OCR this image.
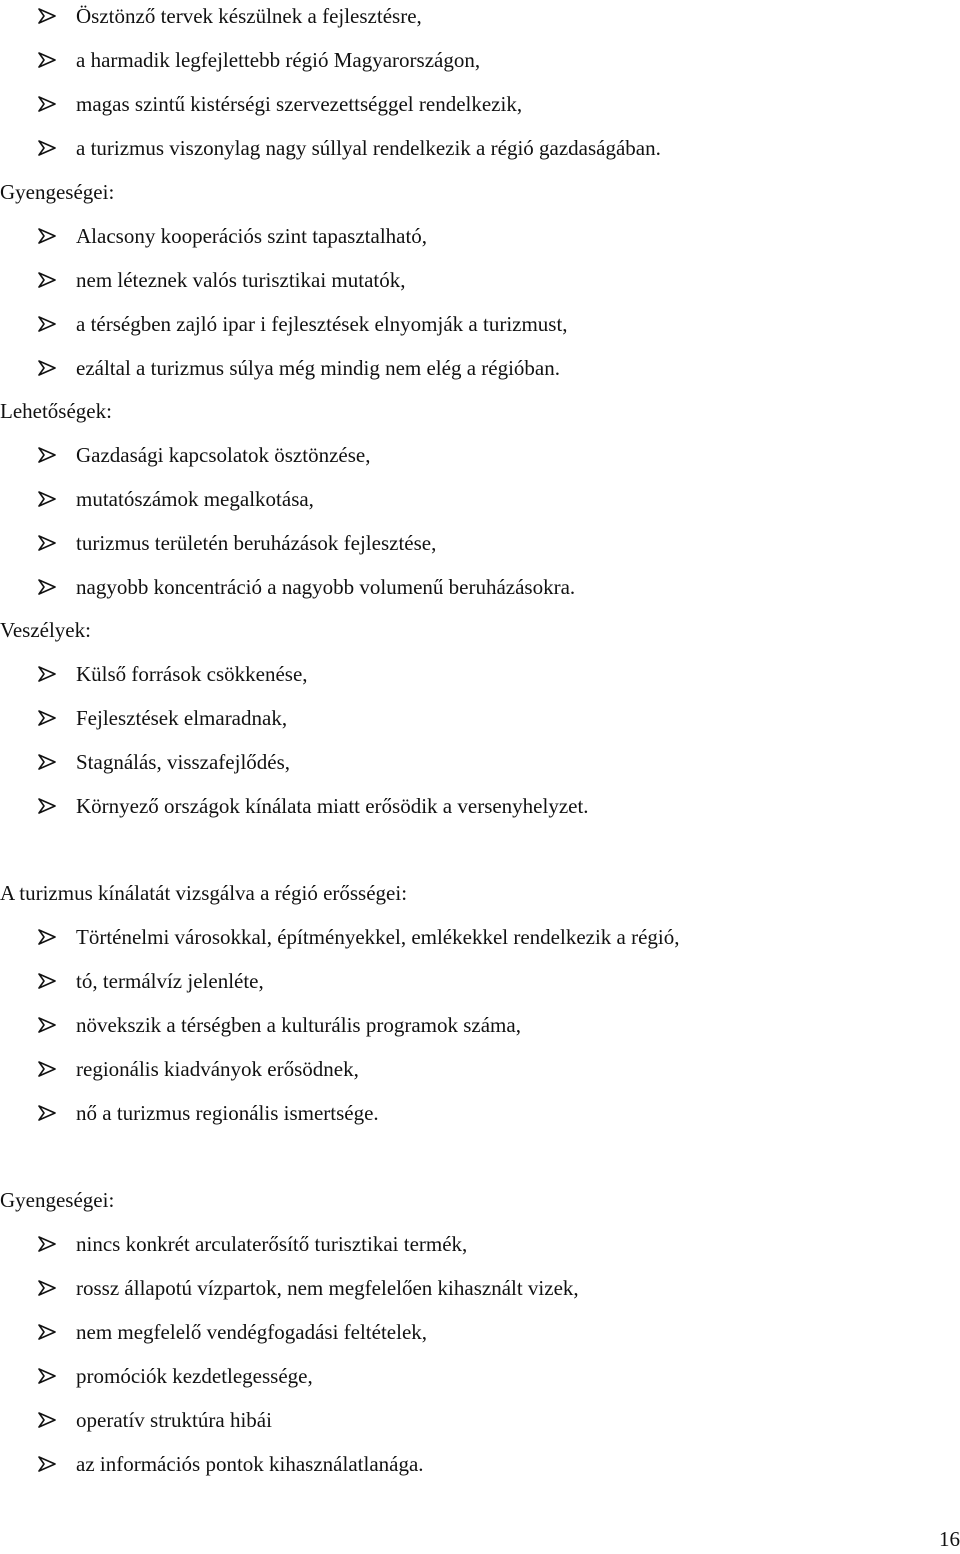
16
Ösztönző tervek készülnek a fejlesztésre,
a harmadik legfejlettebb régió Magyarországon,
magas szintű kistérségi szervezettséggel rendelkezik,
a turizmus viszonylag nagy súllyal rendelkezik a régió gazdaságában.
Gyengeségei:
Alacsony kooperációs szint tapasztalható,
nem léteznek valós turisztikai mutatók,
a térségben zajló ipar i fejlesztések elnyomják a turizmust,
ezáltal a turizmus súlya még mindig nem elég a régióban.
Lehetőségek:
Gazdasági kapcsolatok ösztönzése,
mutatószámok megalkotása,
turizmus területén beruházások fejlesztése,
nagyobb koncentráció a nagyobb volumenű beruházásokra.
Veszélyek:
Külső források csökkenése,
Fejlesztések elmaradnak,
Stagnálás, visszafejlődés,
Környező országok kínálata miatt erősödik a versenyhelyzet.
A turizmus kínálatát vizsgálva a régió erősségei:
Történelmi városokkal, építményekkel, emlékekkel rendelkezik a régió,
tó, termálvíz jelenléte,
növekszik a térségben a kulturális programok száma,
regionális kiadványok erősödnek,
nő a turizmus regionális ismertsége.
Gyengeségei:
nincs konkrét arculaterősítő turisztikai termék,
rossz állapotú vízpartok, nem megfelelően kihasznált vizek,
nem megfelelő vendégfogadási feltételek,
promóciók kezdetlegessége,
operatív struktúra hibái
az információs pontok kihasználatlanága.
